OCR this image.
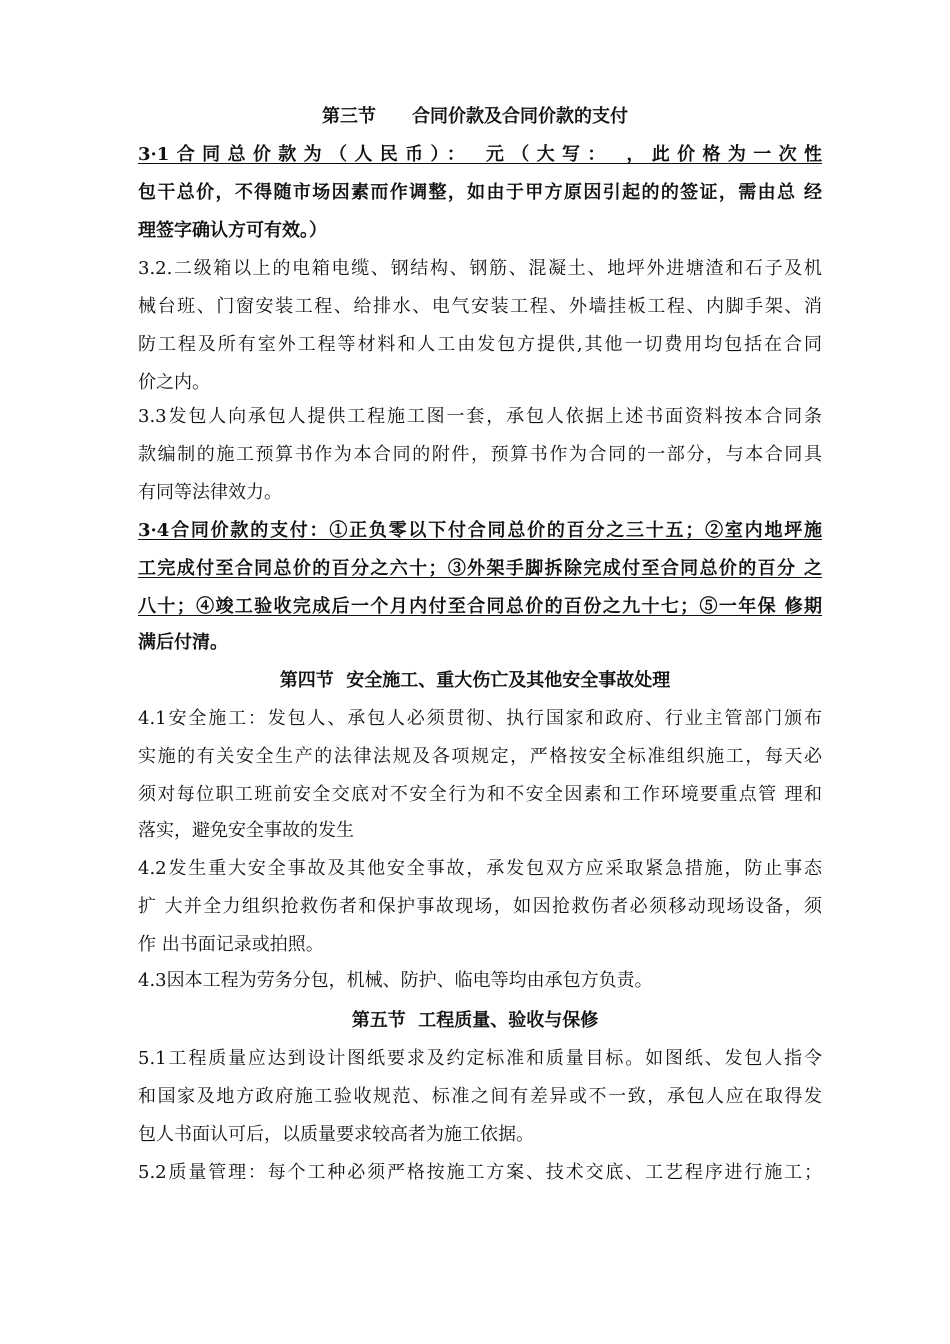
第三节　　合同价款及合同价款的支付
3·1合同总价款为（人民币）： 元（大写： ，此价格为一次性
包干总价，不得随市场因素而作调整，如由于甲方原因引起的的签证，需由总 经
理签字确认方可有效。）
3.2.二级箱以上的电箱电缆、钢结构、钢筋、混凝土、地坪外进塘渣和石子及机
械台班、门窗安装工程、给排水、电气安装工程、外墙挂板工程、内脚手架、消
防工程及所有室外工程等材料和人工由发包方提供,其他一切费用均包括在合同
价之内。
3.3发包人向承包人提供工程施工图一套，承包人依据上述书面资料按本合同条
款编制的施工预算书作为本合同的附件，预算书作为合同的一部分，与本合同具
有同等法律效力。
3·4合同价款的支付：①正负零以下付合同总价的百分之三十五；②室内地坪施
工完成付至合同总价的百分之六十；③外架手脚拆除完成付至合同总价的百分 之
八十；④竣工验收完成后一个月内付至合同总价的百份之九十七；⑤一年保 修期
满后付清。
第四节  安全施工、重大伤亡及其他安全事故处理
4.1安全施工：发包人、承包人必须贯彻、执行国家和政府、行业主管部门颁布
实施的有关安全生产的法律法规及各项规定，严格按安全标准组织施工，每天必
须对每位职工班前安全交底对不安全行为和不安全因素和工作环境要重点管 理和
落实，避免安全事故的发生
4.2发生重大安全事故及其他安全事故，承发包双方应采取紧急措施，防止事态
扩 大并全力组织抢救伤者和保护事故现场，如因抢救伤者必须移动现场设备，须
作 出书面记录或拍照。
4.3因本工程为劳务分包，机械、防护、临电等均由承包方负责。
第五节  工程质量、验收与保修
5.1工程质量应达到设计图纸要求及约定标准和质量目标。如图纸、发包人指令
和国家及地方政府施工验收规范、标准之间有差异或不一致，承包人应在取得发
包人书面认可后，以质量要求较高者为施工依据。
5.2质量管理：每个工种必须严格按施工方案、技术交底、工艺程序进行施工；
